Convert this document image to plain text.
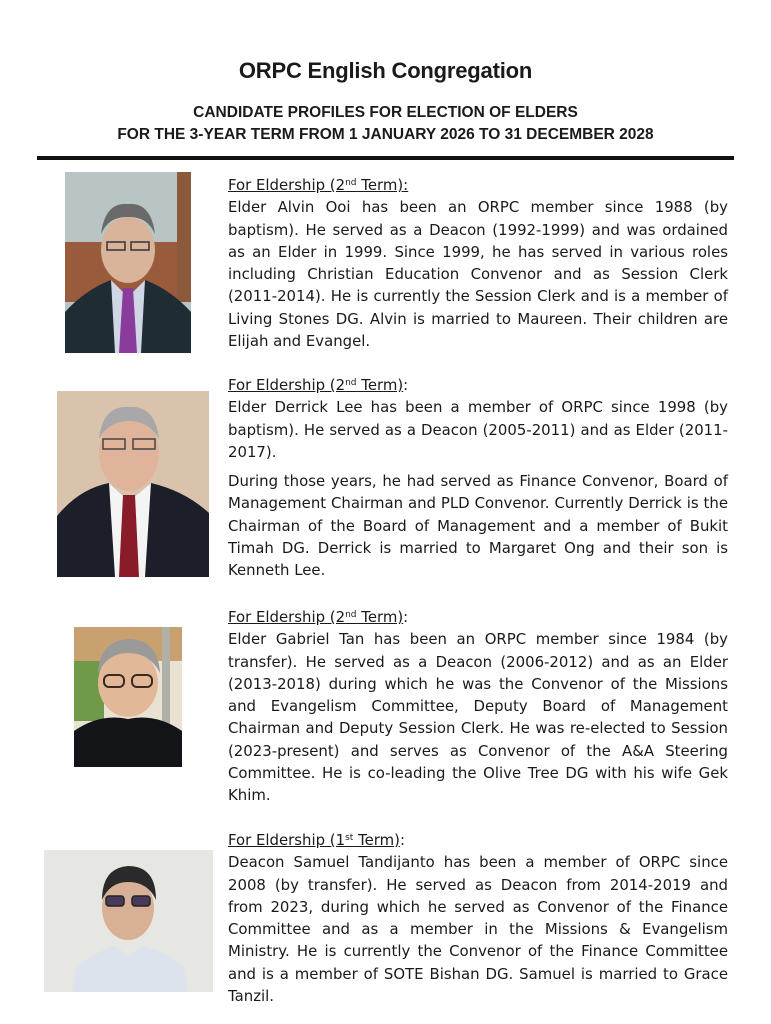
ORPC English Congregation
CANDIDATE PROFILES FOR ELECTION OF ELDERS
FOR THE 3-YEAR TERM FROM 1 JANUARY 2026 TO 31 DECEMBER 2028
For Eldership (2nd Term):

Elder Alvin Ooi has been an ORPC member since 1988 (by baptism). He served as a Deacon (1992-1999) and was ordained as an Elder in 1999. Since 1999, he has served in various roles including Christian Education Convenor and as Session Clerk (2011-2014). He is currently the Session Clerk and is a member of Living Stones DG. Alvin is married to Maureen. Their children are Elijah and Evangel.

For Eldership (2nd Term):

Elder Derrick Lee has been a member of ORPC since 1998 (by baptism). He served as a Deacon (2005-2011) and as Elder (2011-2017).

During those years, he had served as Finance Convenor, Board of Management Chairman and PLD Convenor. Currently Derrick is the Chairman of the Board of Management and a member of Bukit Timah DG. Derrick is married to Margaret Ong and their son is Kenneth Lee.

For Eldership (2nd Term):

Elder Gabriel Tan has been an ORPC member since 1984 (by transfer). He served as a Deacon (2006-2012) and as an Elder (2013-2018) during which he was the Convenor of the Missions and Evangelism Committee, Deputy Board of Management Chairman and Deputy Session Clerk. He was re-elected to Session (2023-present) and serves as Convenor of the A&A Steering Committee. He is co-leading the Olive Tree DG with his wife Gek Khim.

For Eldership (1st Term):

Deacon Samuel Tandijanto has been a member of ORPC since 2008 (by transfer). He served as Deacon from 2014-2019 and from 2023, during which he served as Convenor of the Finance Committee and as a member in the Missions & Evangelism Ministry. He is currently the Convenor of the Finance Committee and is a member of SOTE Bishan DG. Samuel is married to Grace Tanzil.
